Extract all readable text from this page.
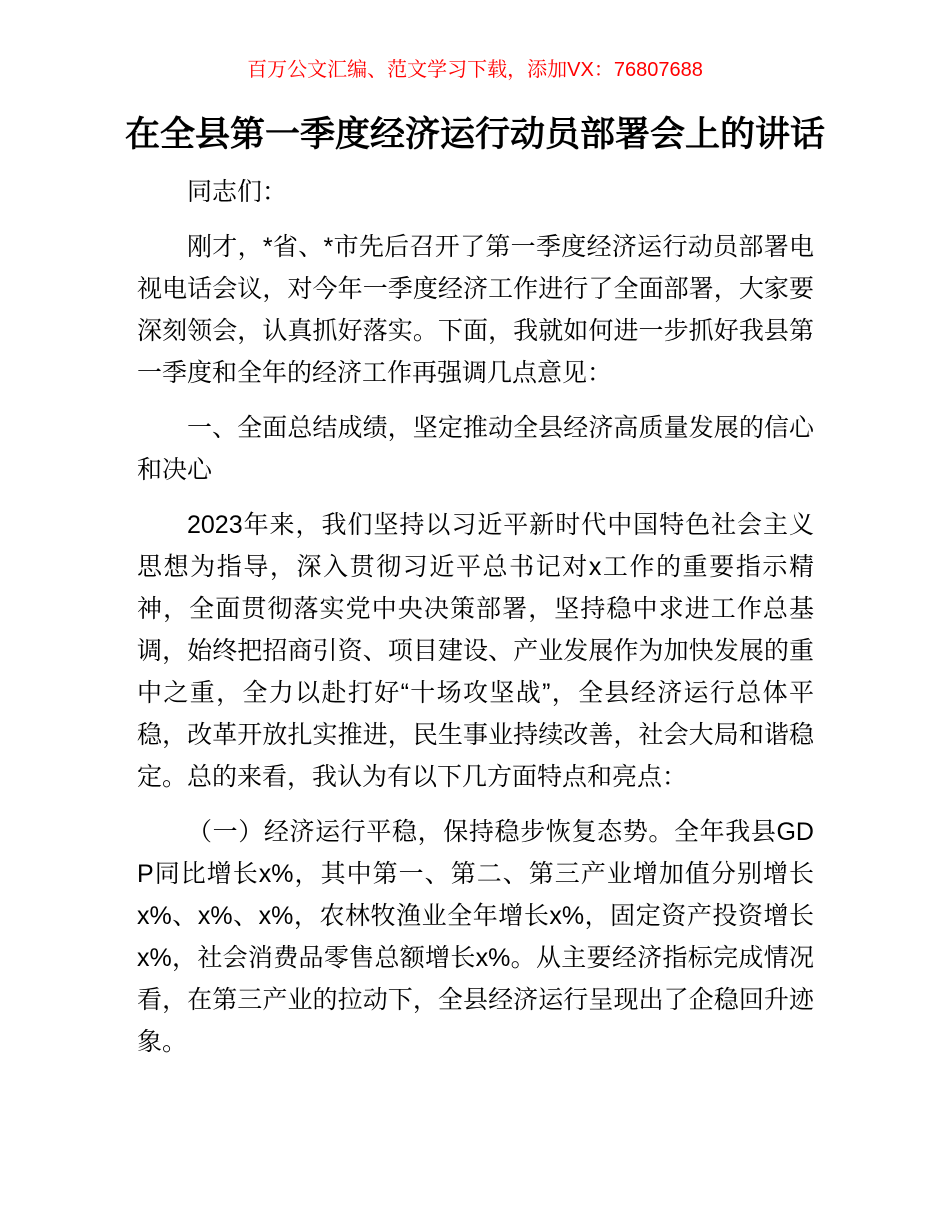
百万公文汇编、范文学习下载，添加VX：76807688
在全县第一季度经济运行动员部署会上的讲话

同志们：

刚才，*省、*市先后召开了第一季度经济运行动员部署电视电话会议，对今年一季度经济工作进行了全面部署，大家要深刻领会，认真抓好落实。下面，我就如何进一步抓好我县第一季度和全年的经济工作再强调几点意见：

一、全面总结成绩，坚定推动全县经济高质量发展的信心和决心

2023年来，我们坚持以习近平新时代中国特色社会主义思想为指导，深入贯彻习近平总书记对x工作的重要指示精神，全面贯彻落实党中央决策部署，坚持稳中求进工作总基调，始终把招商引资、项目建设、产业发展作为加快发展的重中之重，全力以赴打好“十场攻坚战”，全县经济运行总体平稳，改革开放扎实推进，民生事业持续改善，社会大局和谐稳定。总的来看，我认为有以下几方面特点和亮点：

（一）经济运行平稳，保持稳步恢复态势。全年我县GDP同比增长x%，其中第一、第二、第三产业增加值分别增长x%、x%、x%，农林牧渔业全年增长x%，固定资产投资增长x%，社会消费品零售总额增长x%。从主要经济指标完成情况看，在第三产业的拉动下，全县经济运行呈现出了企稳回升迹象。
